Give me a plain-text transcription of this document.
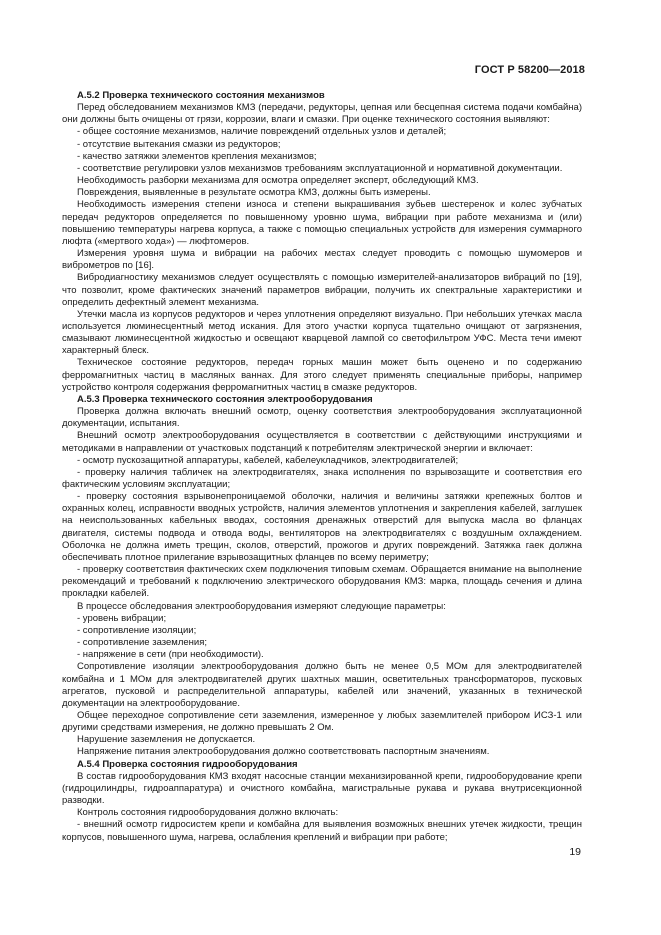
ГОСТ Р 58200—2018

А.5.2 Проверка технического состояния механизмов

Перед обследованием механизмов КМЗ (передачи, редукторы, цепная или бесцепная система подачи комбайна) они должны быть очищены от грязи, коррозии, влаги и смазки. При оценке технического состояния выявляют:

- общее состояние механизмов, наличие повреждений отдельных узлов и деталей;

- отсутствие вытекания смазки из редукторов;

- качество затяжки элементов крепления механизмов;

- соответствие регулировки узлов механизмов требованиям эксплуатационной и нормативной документации.

Необходимость разборки механизма для осмотра определяет эксперт, обследующий КМЗ.

Повреждения, выявленные в результате осмотра КМЗ, должны быть измерены.

Необходимость измерения степени износа и степени выкрашивания зубьев шестеренок и колес зубчатых передач редукторов определяется по повышенному уровню шума, вибрации при работе механизма и (или) повышению температуры нагрева корпуса, а также с помощью специальных устройств для измерения суммарного люфта («мертвого хода») — люфтомеров.

Измерения уровня шума и вибрации на рабочих местах следует проводить с помощью шумомеров и виброметров по [16].

Вибродиагностику механизмов следует осуществлять с помощью измерителей-анализаторов вибраций по [19], что позволит, кроме фактических значений параметров вибрации, получить их спектральные характеристики и определить дефектный элемент механизма.

Утечки масла из корпусов редукторов и через уплотнения определяют визуально. При небольших утечках масла используется люминесцентный метод искания. Для этого участки корпуса тщательно очищают от загрязнения, смазывают люминесцентной жидкостью и освещают кварцевой лампой со светофильтром УФС. Места течи имеют характерный блеск.

Техническое состояние редукторов, передач горных машин может быть оценено и по содержанию ферромагнитных частиц в масляных ваннах. Для этого следует применять специальные приборы, например устройство контроля содержания ферромагнитных частиц в смазке редукторов.

А.5.3 Проверка технического состояния электрооборудования

Проверка должна включать внешний осмотр, оценку соответствия электрооборудования эксплуатационной документации, испытания.

Внешний осмотр электрооборудования осуществляется в соответствии с действующими инструкциями и методиками в направлении от участковых подстанций к потребителям электрической энергии и включает:

- осмотр пускозащитной аппаратуры, кабелей, кабелеукладчиков, электродвигателей;

- проверку наличия табличек на электродвигателях, знака исполнения по взрывозащите и соответствия его фактическим условиям эксплуатации;

- проверку состояния взрывонепроницаемой оболочки, наличия и величины затяжки крепежных болтов и охранных колец, исправности вводных устройств, наличия элементов уплотнения и закрепления кабелей, заглушек на неиспользованных кабельных вводах, состояния дренажных отверстий для выпуска масла во фланцах двигателя, системы подвода и отвода воды, вентиляторов на электродвигателях с воздушным охлаждением. Оболочка не должна иметь трещин, сколов, отверстий, прожогов и других повреждений. Затяжка гаек должна обеспечивать плотное прилегание взрывозащитных фланцев по всему периметру;

- проверку соответствия фактических схем подключения типовым схемам. Обращается внимание на выполнение рекомендаций и требований к подключению электрического оборудования КМЗ: марка, площадь сечения и длина прокладки кабелей.

В процессе обследования электрооборудования измеряют следующие параметры:

- уровень вибрации;

- сопротивление изоляции;

- сопротивление заземления;

- напряжение в сети (при необходимости).

Сопротивление изоляции электрооборудования должно быть не менее 0,5 МОм для электродвигателей комбайна и 1 МОм для электродвигателей других шахтных машин, осветительных трансформаторов, пусковых агрегатов, пусковой и распределительной аппаратуры, кабелей или значений, указанных в технической документации на электрооборудование.

Общее переходное сопротивление сети заземления, измеренное у любых заземлителей прибором ИСЗ-1 или другими средствами измерения, не должно превышать 2 Ом.

Нарушение заземления не допускается.

Напряжение питания электрооборудования должно соответствовать паспортным значениям.

А.5.4 Проверка состояния гидрооборудования

В состав гидрооборудования КМЗ входят насосные станции механизированной крепи, гидрооборудование крепи (гидроцилиндры, гидроаппаратура) и очистного комбайна, магистральные рукава и рукава внутрисекционной разводки.

Контроль состояния гидрооборудования должно включать:

- внешний осмотр гидросистем крепи и комбайна для выявления возможных внешних утечек жидкости, трещин корпусов, повышенного шума, нагрева, ослабления креплений и вибрации при работе;

19
